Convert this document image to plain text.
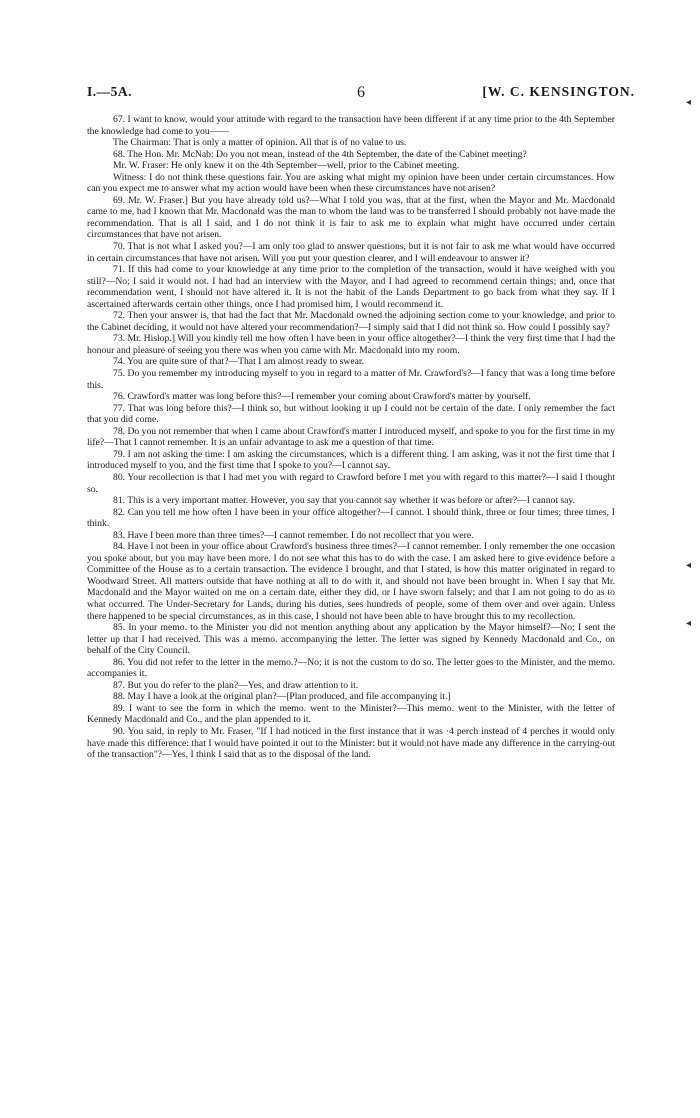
I.—5A.	6	[W. C. KENSINGTON.

67. I want to know, would your attitude with regard to the transaction have been different if at any time prior to the 4th September the knowledge had come to you——

The Chairman: That is only a matter of opinion. All that is of no value to us.

68. The Hon. Mr. McNab: Do you not mean, instead of the 4th September, the date of the Cabinet meeting?

Mr. W. Fraser: He only knew it on the 4th September—well, prior to the Cabinet meeting.

Witness: I do not think these questions fair. You are asking what might my opinion have been under certain circumstances. How can you expect me to answer what my action would have been when these circumstances have not arisen?

69. Mr. W. Fraser.] But you have already told us?—What I told you was, that at the first, when the Mayor and Mr. Macdonald came to me, had I known that Mr. Macdonald was the man to whom the land was to be transferred I should probably not have made the recommendation. That is all I said, and I do not think it is fair to ask me to explain what might have occurred under certain circumstances that have not arisen.

70. That is not what I asked you?—I am only too glad to answer questions, but it is not fair to ask me what would have occurred in certain circumstances that have not arisen. Will you put your question clearer, and I will endeavour to answer it?

71. If this had come to your knowledge at any time prior to the completion of the transaction, would it have weighed with you still?—No; I said it would not. I had had an interview with the Mayor, and I had agreed to recommend certain things; and, once that recommendation went, I should not have altered it. It is not the habit of the Lands Department to go back from what they say. If I ascertained afterwards certain other things, once I had promised him, I would recommend it.

72. Then your answer is, that had the fact that Mr. Macdonald owned the adjoining section come to your knowledge, and prior to the Cabinet deciding, it would not have altered your recommendation?—I simply said that I did not think so. How could I possibly say?

73. Mr. Hislop.] Will you kindly tell me how often I have been in your office altogether?—I think the very first time that I had the honour and pleasure of seeing you there was when you came with Mr. Macdonald into my room.

74. You are quite sure of that?—That I am almost ready to swear.

75. Do you remember my introducing myself to you in regard to a matter of Mr. Crawford's?—I fancy that was a long time before this.

76. Crawford's matter was long before this?—I remember your coming about Crawford's matter by yourself.

77. That was long before this?—I think so, but without looking it up I could not be certain of the date. I only remember the fact that you did come.

78. Do you not remember that when I came about Crawford's matter I introduced myself, and spoke to you for the first time in my life?—That I cannot remember. It is an unfair advantage to ask me a question of that time.

79. I am not asking the time: I am asking the circumstances, which is a different thing. I am asking, was it not the first time that I introduced myself to you, and the first time that I spoke to you?—I cannot say.

80. Your recollection is that I had met you with regard to Crawford before I met you with regard to this matter?—I said I thought so.

81. This is a very important matter. However, you say that you cannot say whether it was before or after?—I cannot say.

82. Can you tell me how often I have been in your office altogether?—I cannot. I should think, three or four times; three times, I think.

83. Have I been more than three times?—I cannot remember. I do not recollect that you were.

84. Have I not been in your office about Crawford's business three times?—I cannot remember. I only remember the one occasion you spoke about, but you may have been more. I do not see what this has to do with the case. I am asked here to give evidence before a Committee of the House as to a certain transaction. The evidence I brought, and that I stated, is how this matter originated in regard to Woodward Street. All matters outside that have nothing at all to do with it, and should not have been brought in. When I say that Mr. Macdonald and the Mayor waited on me on a certain date, either they did, or I have sworn falsely; and that I am not going to do as to what occurred. The Under-Secretary for Lands, during his duties, sees hundreds of people, some of them over and over again. Unless there happened to be special circumstances, as in this case, I should not have been able to have brought this to my recollection.

85. In your memo. to the Minister you did not mention anything about any application by the Mayor himself?—No; I sent the letter up that I had received. This was a memo. accompanying the letter. The letter was signed by Kennedy Macdonald and Co., on behalf of the City Council.

86. You did not refer to the letter in the memo.?—No; it is not the custom to do so. The letter goes to the Minister, and the memo. accompanies it.

87. But you do refer to the plan?—Yes, and draw attention to it.

88. May I have a look at the original plan?—[Plan produced, and file accompanying it.]

89. I want to see the form in which the memo. went to the Minister?—This memo. went to the Minister, with the letter of Kennedy Macdonald and Co., and the plan appended to it.

90. You said, in reply to Mr. Fraser, "If I had noticed in the first instance that it was ·4 perch instead of 4 perches it would only have made this difference: that I would have pointed it out to the Minister: but it would not have made any difference in the carrying-out of the transaction"?—Yes, I think I said that as to the disposal of the land.

◂
◂
◂
